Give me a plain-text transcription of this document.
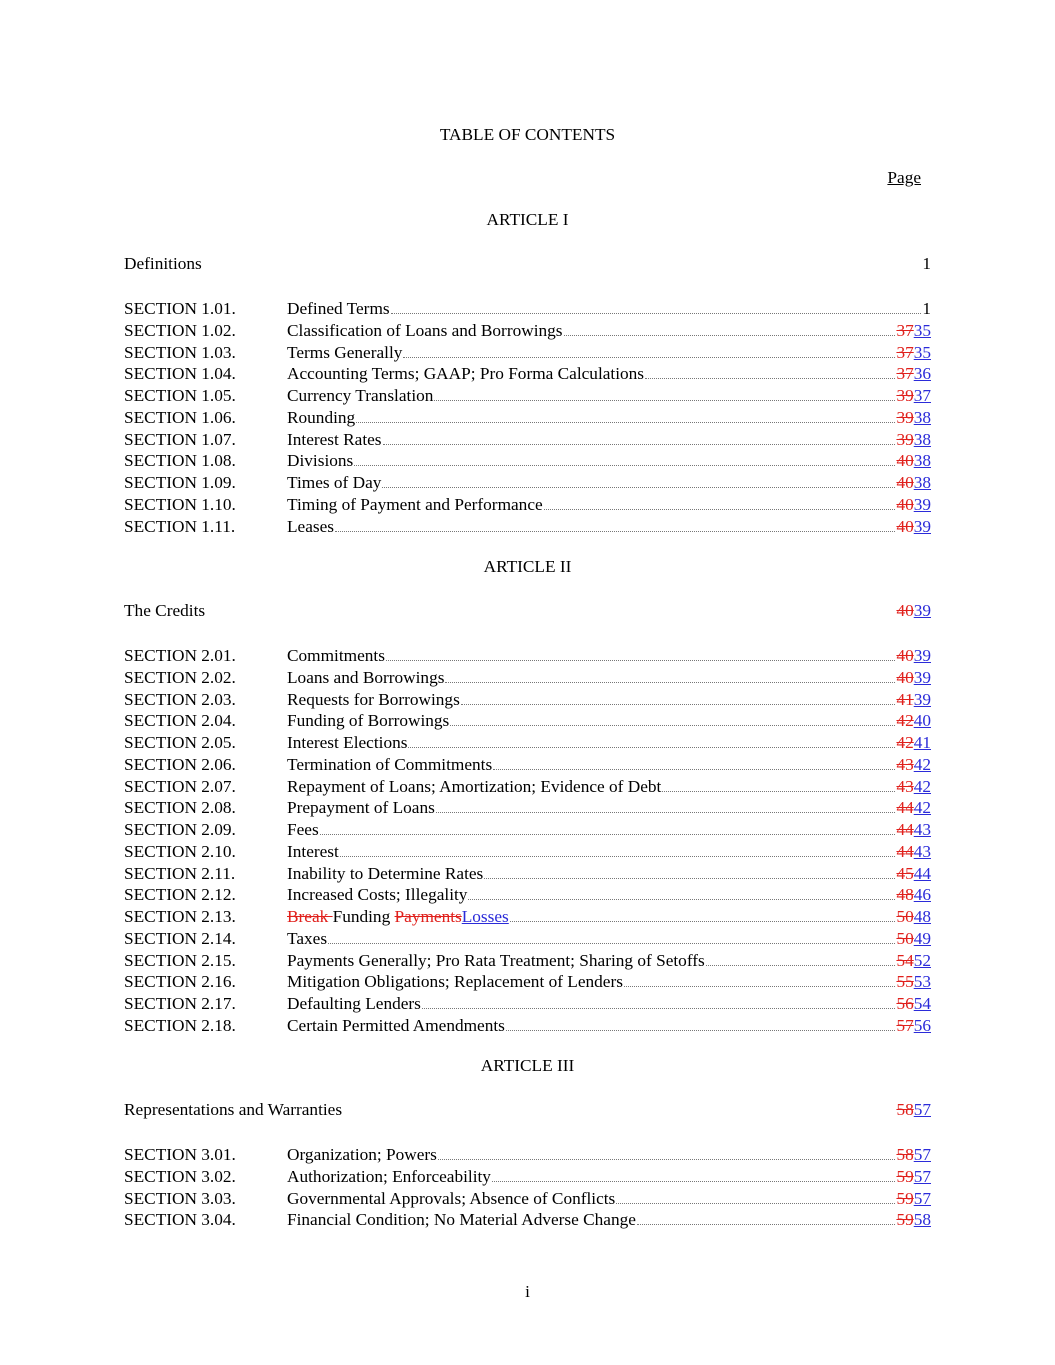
TABLE OF CONTENTS
Page
ARTICLE I
Definitions	1
SECTION 1.01.	Defined Terms	1
SECTION 1.02.	Classification of Loans and Borrowings	3735
SECTION 1.03.	Terms Generally	3735
SECTION 1.04.	Accounting Terms; GAAP; Pro Forma Calculations	3736
SECTION 1.05.	Currency Translation	3937
SECTION 1.06.	Rounding	3938
SECTION 1.07.	Interest Rates	3938
SECTION 1.08.	Divisions	4038
SECTION 1.09.	Times of Day	4038
SECTION 1.10.	Timing of Payment and Performance	4039
SECTION 1.11.	Leases	4039
ARTICLE II
The Credits	4039
SECTION 2.01.	Commitments	4039
SECTION 2.02.	Loans and Borrowings	4039
SECTION 2.03.	Requests for Borrowings	4139
SECTION 2.04.	Funding of Borrowings	4240
SECTION 2.05.	Interest Elections	4241
SECTION 2.06.	Termination of Commitments	4342
SECTION 2.07.	Repayment of Loans; Amortization; Evidence of Debt	4342
SECTION 2.08.	Prepayment of Loans	4442
SECTION 2.09.	Fees	4443
SECTION 2.10.	Interest	4443
SECTION 2.11.	Inability to Determine Rates	4544
SECTION 2.12.	Increased Costs; Illegality	4846
SECTION 2.13.	Break Funding PaymentsLosses	5048
SECTION 2.14.	Taxes	5049
SECTION 2.15.	Payments Generally; Pro Rata Treatment; Sharing of Setoffs	5452
SECTION 2.16.	Mitigation Obligations; Replacement of Lenders	5553
SECTION 2.17.	Defaulting Lenders	5654
SECTION 2.18.	Certain Permitted Amendments	5756
ARTICLE III
Representations and Warranties	5857
SECTION 3.01.	Organization; Powers	5857
SECTION 3.02.	Authorization; Enforceability	5957
SECTION 3.03.	Governmental Approvals; Absence of Conflicts	5957
SECTION 3.04.	Financial Condition; No Material Adverse Change	5958
i
